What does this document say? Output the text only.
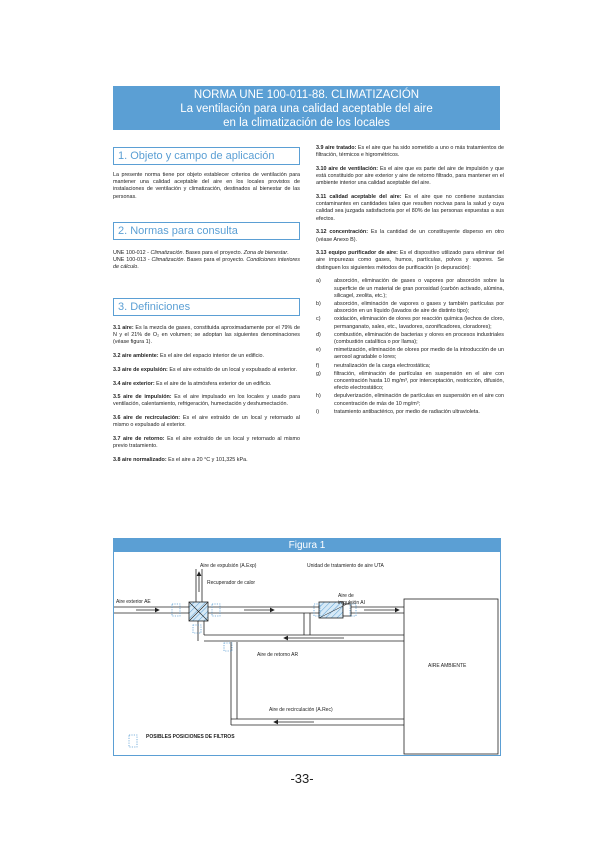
NORMA UNE 100-011-88. CLIMATIZACIÓN
La ventilación para una calidad aceptable del aire
en la climatización de los locales
1. Objeto y campo de aplicación
La presente norma tiene por objeto establecer criterios de ventilación para mantener una calidad aceptable del aire en los locales provistos de instalaciones de ventilación y climatización, destinados al bienestar de las personas.
2. Normas para consulta
UNE 100-012 - Climatización. Bases para el proyecto. Zona de bienestar.
UNE 100-013 - Climatización. Bases para el proyecto. Condiciones interiores de cálculo.
3. Definiciones

3.1 aire: Es la mezcla de gases, constituida aproximadamente por el 79% de N y el 21% de O₂ en volumen; se adoptan las siguientes denominaciones (véase figura 1).

3.2 aire ambiente: Es el aire del espacio interior de un edificio.

3.3 aire de expulsión: Es el aire extraído de un local y expulsado al exterior.

3.4 aire exterior: Es el aire de la atmósfera exterior de un edificio.

3.5 aire de impulsión: Es el aire impulsado en los locales y usado para ventilación, calentamiento, refrigeración, humectación y deshumectación.

3.6 aire de recirculación: Es el aire extraído de un local y retornado al mismo o expulsado al exterior.

3.7 aire de retorno: Es el aire extraído de un local y retornado al mismo previo tratamiento.

3.8 aire normalizado: Es el aire a 20 °C y 101,325 kPa.

3.9 aire tratado: Es el aire que ha sido sometido a uno o más tratamientos de filtración, térmicos e higrométricos.

3.10 aire de ventilación: Es el aire que es parte del aire de impulsión y que está constituido por aire exterior y aire de retorno filtrado, para mantener en el ambiente interior una calidad aceptable del aire.

3.11 calidad aceptable del aire: Es el aire que no contiene sustancias contaminantes en cantidades tales que resulten nocivas para la salud y cuya calidad sea juzgada satisfactoria por el 80% de las personas expuestas a sus efectos.

3.12 concentración: Es la cantidad de un constituyente disperso en otro (véase Anexo B).

3.13 equipo purificador de aire: Es el dispositivo utilizado para eliminar del aire impurezas como gases, humos, partículas, polvos y vapores. Se distinguen los siguientes métodos de purificación (o depuración):

a)	absorción, eliminación de gases o vapores por absorción sobre la superficie de un material de gran porosidad (carbón activado, alúmina, silicagel, zeolita, etc.);
b)	absorción, eliminación de vapores o gases y también partículas por absorción en un líquido (lavados de aire de distinto tipo);
c)	oxidación, eliminación de olores por reacción química (lechos de cloro, permanganato, sales, etc., lavadores, ozonificadores, cloradores);
d)	combustión, eliminación de bacterias y olores en procesos industriales (combustión catalítica o por llama);
e)	mimetización, eliminación de olores por medio de la introducción de un aerosol agradable o lores;
f)	neutralización de la carga electrostática;
g)	filtración, eliminación de partículas en suspensión en el aire con concentración hasta 10 mg/m³, por interceptación, restricción, difusión, efecto electrostático;
h)	depulverización, eliminación de partículas en suspensión en el aire con concentración de más de 10 mg/m³;
i)	tratamiento antibactérico, por medio de radiación ultravioleta.
Figura 1
Aire de expulsión (A.Exp)
Recuperador de calor
Unidad de tratamiento de aire UTA
Aire exterior AE
Aire de
impulsión AI
Aire de retorno AR
AIRE AMBIENTE
Aire de recirculación (A.Rec)
POSIBLES POSICIONES DE FILTROS
-33-
